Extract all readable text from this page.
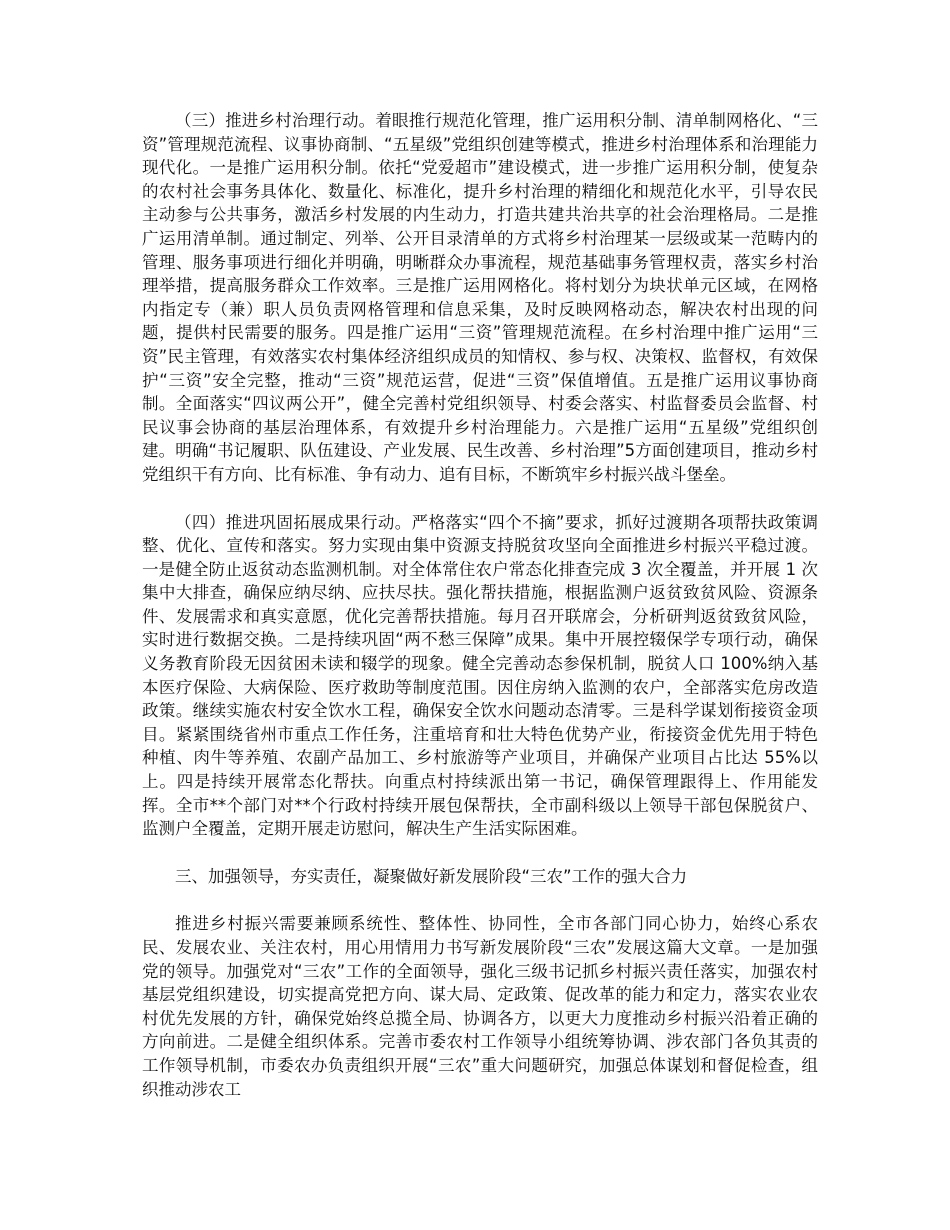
（三）推进乡村治理行动。着眼推行规范化管理，推广运用积分制、清单制网格化、“三资”管理规范流程、议事协商制、“五星级”党组织创建等模式，推进乡村治理体系和治理能力现代化。一是推广运用积分制。依托“党爱超市”建设模式，进一步推广运用积分制，使复杂的农村社会事务具体化、数量化、标准化，提升乡村治理的精细化和规范化水平，引导农民主动参与公共事务，激活乡村发展的内生动力，打造共建共治共享的社会治理格局。二是推广运用清单制。通过制定、列举、公开目录清单的方式将乡村治理某一层级或某一范畴内的管理、服务事项进行细化并明确，明晰群众办事流程，规范基础事务管理权责，落实乡村治理举措，提高服务群众工作效率。三是推广运用网格化。将村划分为块状单元区域，在网格内指定专（兼）职人员负责网格管理和信息采集，及时反映网格动态，解决农村出现的问题，提供村民需要的服务。四是推广运用“三资”管理规范流程。在乡村治理中推广运用“三资”民主管理，有效落实农村集体经济组织成员的知情权、参与权、决策权、监督权，有效保护“三资”安全完整，推动“三资”规范运营，促进“三资”保值增值。五是推广运用议事协商制。全面落实“四议两公开”，健全完善村党组织领导、村委会落实、村监督委员会监督、村民议事会协商的基层治理体系，有效提升乡村治理能力。六是推广运用“五星级”党组织创建。明确“书记履职、队伍建设、产业发展、民生改善、乡村治理”5方面创建项目，推动乡村党组织干有方向、比有标准、争有动力、追有目标，不断筑牢乡村振兴战斗堡垒。

（四）推进巩固拓展成果行动。严格落实“四个不摘”要求，抓好过渡期各项帮扶政策调整、优化、宣传和落实。努力实现由集中资源支持脱贫攻坚向全面推进乡村振兴平稳过渡。一是健全防止返贫动态监测机制。对全体常住农户常态化排查完成 3 次全覆盖，并开展 1 次集中大排查，确保应纳尽纳、应扶尽扶。强化帮扶措施，根据监测户返贫致贫风险、资源条件、发展需求和真实意愿，优化完善帮扶措施。每月召开联席会，分析研判返贫致贫风险，实时进行数据交换。二是持续巩固“两不愁三保障”成果。集中开展控辍保学专项行动，确保义务教育阶段无因贫困未读和辍学的现象。健全完善动态参保机制，脱贫人口 100%纳入基本医疗保险、大病保险、医疗救助等制度范围。因住房纳入监测的农户，全部落实危房改造政策。继续实施农村安全饮水工程，确保安全饮水问题动态清零。三是科学谋划衔接资金项目。紧紧围绕省州市重点工作任务，注重培育和壮大特色优势产业，衔接资金优先用于特色种植、肉牛等养殖、农副产品加工、乡村旅游等产业项目，并确保产业项目占比达 55%以上。四是持续开展常态化帮扶。向重点村持续派出第一书记，确保管理跟得上、作用能发挥。全市**个部门对**个行政村持续开展包保帮扶，全市副科级以上领导干部包保脱贫户、监测户全覆盖，定期开展走访慰问，解决生产生活实际困难。

三、加强领导，夯实责任，凝聚做好新发展阶段“三农”工作的强大合力

推进乡村振兴需要兼顾系统性、整体性、协同性，全市各部门同心协力，始终心系农民、发展农业、关注农村，用心用情用力书写新发展阶段“三农”发展这篇大文章。一是加强党的领导。加强党对“三农”工作的全面领导，强化三级书记抓乡村振兴责任落实，加强农村基层党组织建设，切实提高党把方向、谋大局、定政策、促改革的能力和定力，落实农业农村优先发展的方针，确保党始终总揽全局、协调各方，以更大力度推动乡村振兴沿着正确的方向前进。二是健全组织体系。完善市委农村工作领导小组统筹协调、涉农部门各负其责的工作领导机制，市委农办负责组织开展“三农”重大问题研究，加强总体谋划和督促检查，组织推动涉农工
